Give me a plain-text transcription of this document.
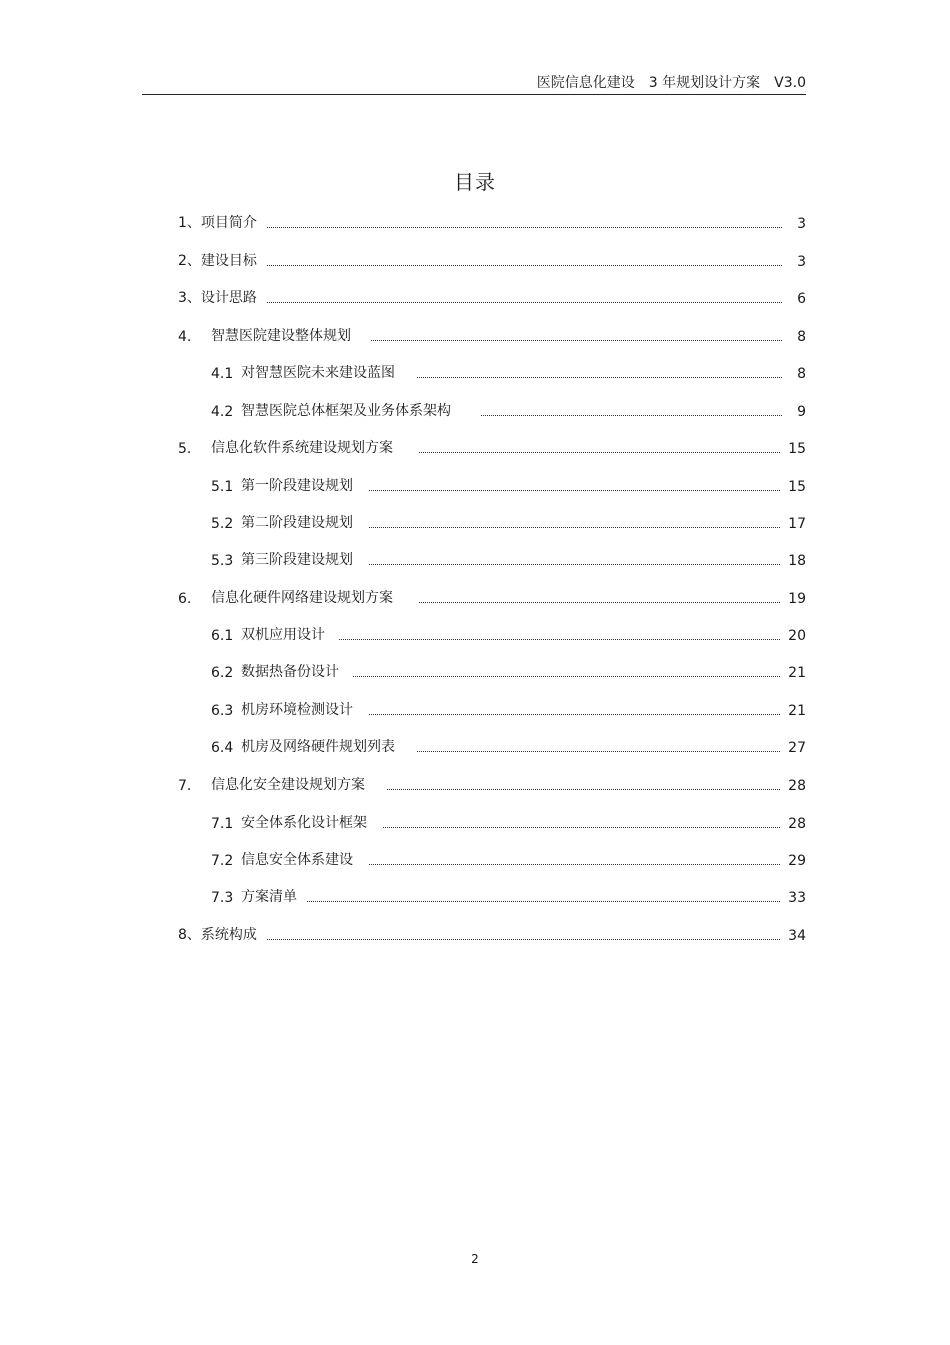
医院信息化建设　3 年规划设计方案　V3.0
目录
1、 项目简介	3
2、 建设目标	3
3、 设计思路	6
4.	智慧医院建设整体规划	8
4.1 对智慧医院未来建设蓝图	8
4.2 智慧医院总体框架及业务体系架构	9
5.	信息化软件系统建设规划方案	15
5.1 第一阶段建设规划	15
5.2 第二阶段建设规划	17
5.3 第三阶段建设规划	18
6.	信息化硬件网络建设规划方案	19
6.1 双机应用设计	20
6.2 数据热备份设计	21
6.3 机房环境检测设计	21
6.4 机房及网络硬件规划列表	27
7.	信息化安全建设规划方案	28
7.1 安全体系化设计框架	28
7.2 信息安全体系建设	29
7.3 方案清单	33
8、 系统构成	34
2
